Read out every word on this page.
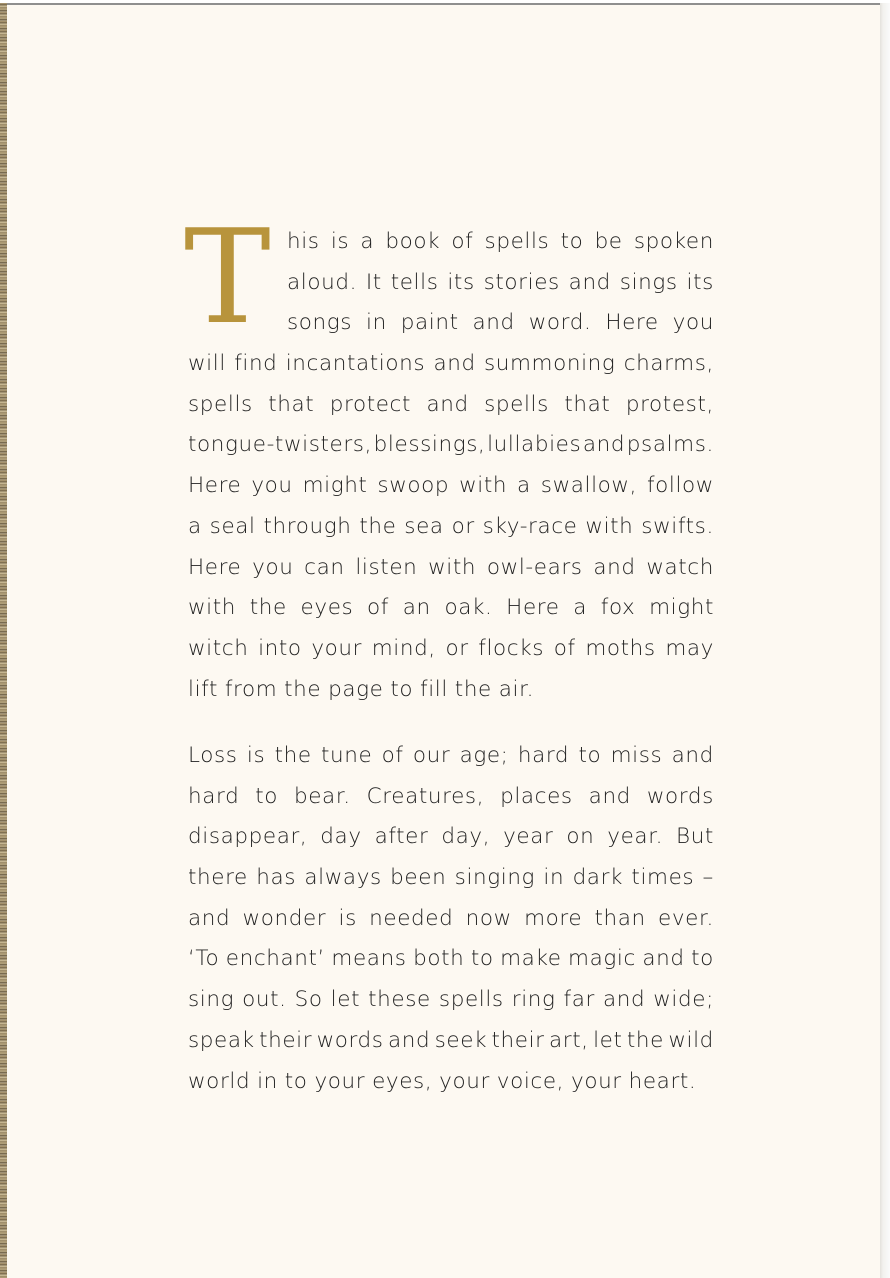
T his is a book of spells to be spoken
aloud. It tells its stories and sings its
songs in paint and word. Here you
will find incantations and summoning charms,
spells that protect and spells that protest,
tongue-twisters, blessings, lullabies and psalms.
Here you might swoop with a swallow, follow
a seal through the sea or sky-race with swifts.
Here you can listen with owl-ears and watch
with the eyes of an oak. Here a fox might
witch into your mind, or flocks of moths may
lift from the page to fill the air.
Loss is the tune of our age; hard to miss and
hard to bear. Creatures, places and words
disappear, day after day, year on year. But
there has always been singing in dark times –
and wonder is needed now more than ever.
‘To enchant’ means both to make magic and to
sing out. So let these spells ring far and wide;
speak their words and seek their art, let the wild
world in to your eyes, your voice, your heart.
